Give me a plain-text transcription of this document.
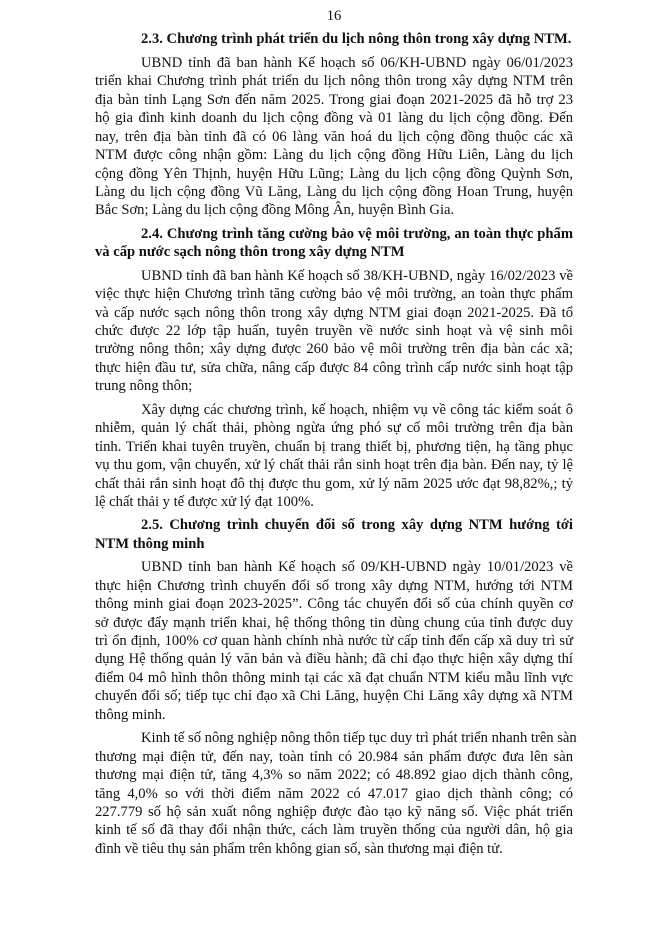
16
2.3. Chương trình phát triển du lịch nông thôn trong xây dựng NTM.
UBND tỉnh đã ban hành Kế hoạch số 06/KH-UBND ngày 06/01/2023
triển khai Chương trình phát triển du lịch nông thôn trong xây dựng NTM trên
địa bàn tỉnh Lạng Sơn đến năm 2025. Trong giai đoạn 2021-2025 đã hỗ trợ 23
hộ gia đình kinh doanh du lịch cộng đồng và 01 làng du lịch cộng đồng. Đến
nay, trên địa bàn tỉnh đã có 06 làng văn hoá du lịch cộng đồng thuộc các xã
NTM được công nhận gồm: Làng du lịch cộng đồng Hữu Liên, Làng du lịch
cộng đồng Yên Thịnh, huyện Hữu Lũng; Làng du lịch cộng đồng Quỳnh Sơn,
Làng du lịch cộng đồng Vũ Lăng, Làng du lịch cộng đồng Hoan Trung, huyện
Bắc Sơn; Làng du lịch cộng đồng Mông Ân, huyện Bình Gia.
2.4. Chương trình tăng cường bảo vệ môi trường, an toàn thực phẩm
và cấp nước sạch nông thôn trong xây dựng NTM
UBND tỉnh đã ban hành Kế hoạch số 38/KH-UBND, ngày 16/02/2023 về
việc thực hiện Chương trình tăng cường bảo vệ môi trường, an toàn thực phẩm
và cấp nước sạch nông thôn trong xây dựng NTM giai đoạn 2021-2025. Đã tổ
chức được 22 lớp tập huấn, tuyên truyền về nước sinh hoạt và vệ sinh môi
trường nông thôn; xây dựng được 260 bảo vệ môi trường trên địa bàn các xã;
thực hiện đầu tư, sửa chữa, nâng cấp được 84 công trình cấp nước sinh hoạt tập
trung nông thôn;
Xây dựng các chương trình, kế hoạch, nhiệm vụ về công tác kiểm soát ô
nhiễm, quản lý chất thải, phòng ngừa ứng phó sự cố môi trường trên địa bàn
tỉnh. Triển khai tuyên truyền, chuẩn bị trang thiết bị, phương tiện, hạ tầng phục
vụ thu gom, vận chuyển, xử lý chất thải rắn sinh hoạt trên địa bàn. Đến nay, tỷ lệ
chất thải rắn sinh hoạt đô thị được thu gom, xử lý năm 2025 ước đạt 98,82%,; tỷ
lệ chất thải y tế được xử lý đạt 100%.
2.5. Chương trình chuyển đổi số trong xây dựng NTM hướng tới
NTM thông minh
UBND tỉnh ban hành Kế hoạch số 09/KH-UBND ngày 10/01/2023 về
thực hiện Chương trình chuyển đổi số trong xây dựng NTM, hướng tới NTM
thông minh giai đoạn 2023-2025”. Công tác chuyển đổi số của chính quyền cơ
sở được đẩy mạnh triển khai, hệ thống thông tin dùng chung của tỉnh được duy
trì ổn định, 100% cơ quan hành chính nhà nước từ cấp tỉnh đến cấp xã duy trì sử
dụng Hệ thống quản lý văn bản và điều hành; đã chỉ đạo thực hiện xây dựng thí
điểm 04 mô hình thôn thông minh tại các xã đạt chuẩn NTM kiểu mẫu lĩnh vực
chuyển đổi số; tiếp tục chỉ đạo xã Chi Lăng, huyện Chi Lăng xây dựng xã NTM
thông minh.
Kinh tế số nông nghiệp nông thôn tiếp tục duy trì phát triển nhanh trên sàn
thương mại điện tử, đến nay, toàn tỉnh có 20.984 sản phẩm được đưa lên sàn
thương mại điện tử, tăng 4,3% so năm 2022; có 48.892 giao dịch thành công,
tăng 4,0% so với thời điểm năm 2022 có 47.017 giao dịch thành công; có
227.779 số hộ sản xuất nông nghiệp được đào tạo kỹ năng số. Việc phát triển
kinh tế số đã thay đổi nhận thức, cách làm truyền thống của người dân, hộ gia
đình về tiêu thụ sản phẩm trên không gian số, sàn thương mại điện tử.
